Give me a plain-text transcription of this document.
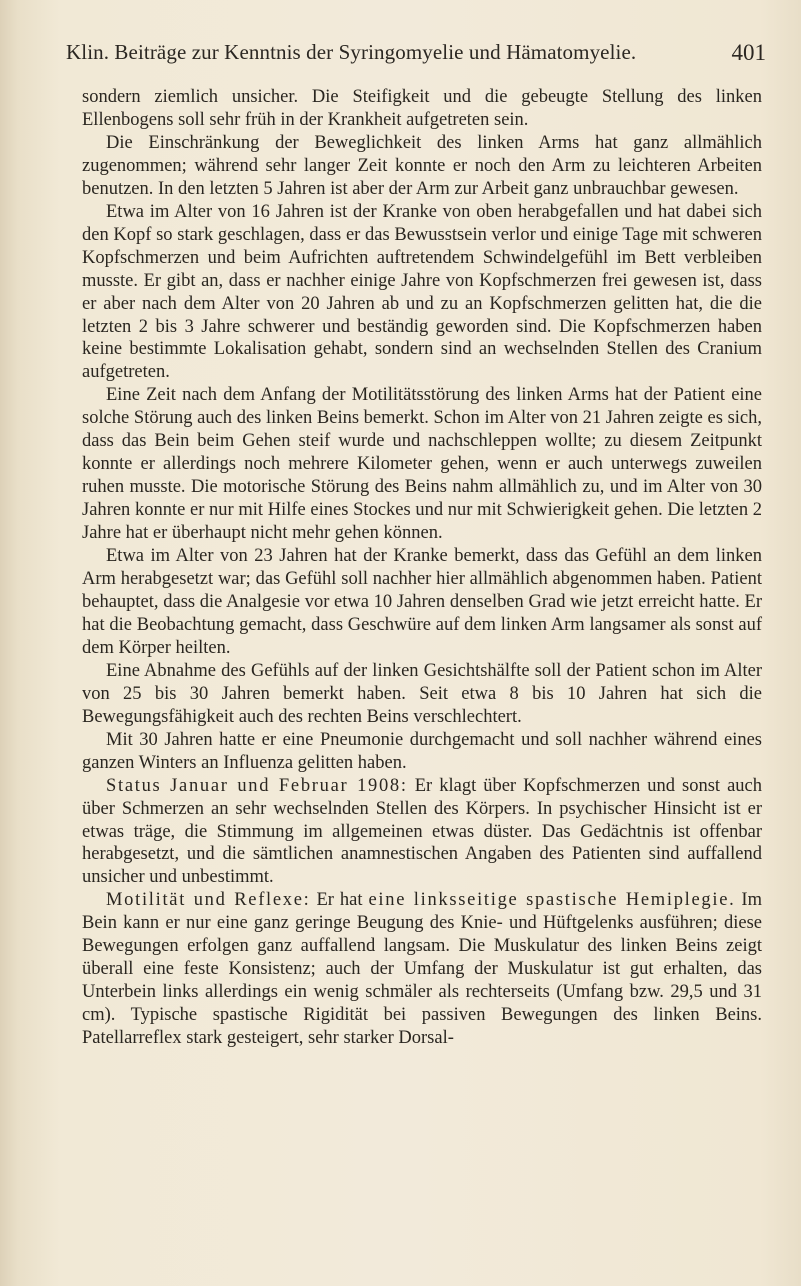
Klin. Beiträge zur Kenntnis der Syringomyelie und Hämatomyelie.	401

sondern ziemlich unsicher. Die Steifigkeit und die gebeugte Stellung des linken Ellenbogens soll sehr früh in der Krankheit aufgetreten sein.

Die Einschränkung der Beweglichkeit des linken Arms hat ganz allmählich zugenommen; während sehr langer Zeit konnte er noch den Arm zu leichteren Arbeiten benutzen. In den letzten 5 Jahren ist aber der Arm zur Arbeit ganz unbrauchbar gewesen.

Etwa im Alter von 16 Jahren ist der Kranke von oben herabgefallen und hat dabei sich den Kopf so stark geschlagen, dass er das Bewusstsein verlor und einige Tage mit schweren Kopfschmerzen und beim Aufrichten auftretendem Schwindelgefühl im Bett verbleiben musste. Er gibt an, dass er nachher einige Jahre von Kopfschmerzen frei gewesen ist, dass er aber nach dem Alter von 20 Jahren ab und zu an Kopfschmerzen gelitten hat, die die letzten 2 bis 3 Jahre schwerer und beständig geworden sind. Die Kopfschmerzen haben keine bestimmte Lokalisation gehabt, sondern sind an wechselnden Stellen des Cranium aufgetreten.

Eine Zeit nach dem Anfang der Motilitätsstörung des linken Arms hat der Patient eine solche Störung auch des linken Beins bemerkt. Schon im Alter von 21 Jahren zeigte es sich, dass das Bein beim Gehen steif wurde und nachschleppen wollte; zu diesem Zeitpunkt konnte er allerdings noch mehrere Kilometer gehen, wenn er auch unterwegs zuweilen ruhen musste. Die motorische Störung des Beins nahm allmählich zu, und im Alter von 30 Jahren konnte er nur mit Hilfe eines Stockes und nur mit Schwierigkeit gehen. Die letzten 2 Jahre hat er überhaupt nicht mehr gehen können.

Etwa im Alter von 23 Jahren hat der Kranke bemerkt, dass das Gefühl an dem linken Arm herabgesetzt war; das Gefühl soll nachher hier allmählich abgenommen haben. Patient behauptet, dass die Analgesie vor etwa 10 Jahren denselben Grad wie jetzt erreicht hatte. Er hat die Beobachtung gemacht, dass Geschwüre auf dem linken Arm langsamer als sonst auf dem Körper heilten.

Eine Abnahme des Gefühls auf der linken Gesichtshälfte soll der Patient schon im Alter von 25 bis 30 Jahren bemerkt haben. Seit etwa 8 bis 10 Jahren hat sich die Bewegungsfähigkeit auch des rechten Beins verschlechtert.

Mit 30 Jahren hatte er eine Pneumonie durchgemacht und soll nachher während eines ganzen Winters an Influenza gelitten haben.

Status Januar und Februar 1908: Er klagt über Kopfschmerzen und sonst auch über Schmerzen an sehr wechselnden Stellen des Körpers. In psychischer Hinsicht ist er etwas träge, die Stimmung im allgemeinen etwas düster. Das Gedächtnis ist offenbar herabgesetzt, und die sämtlichen anamnestischen Angaben des Patienten sind auffallend unsicher und unbestimmt.

Motilität und Reflexe: Er hat eine linksseitige spastische Hemiplegie. Im Bein kann er nur eine ganz geringe Beugung des Knie- und Hüftgelenks ausführen; diese Bewegungen erfolgen ganz auffallend langsam. Die Muskulatur des linken Beins zeigt überall eine feste Konsistenz; auch der Umfang der Muskulatur ist gut erhalten, das Unterbein links allerdings ein wenig schmäler als rechterseits (Umfang bzw. 29,5 und 31 cm). Typische spastische Rigidität bei passiven Bewegungen des linken Beins. Patellarreflex stark gesteigert, sehr starker Dorsal-
